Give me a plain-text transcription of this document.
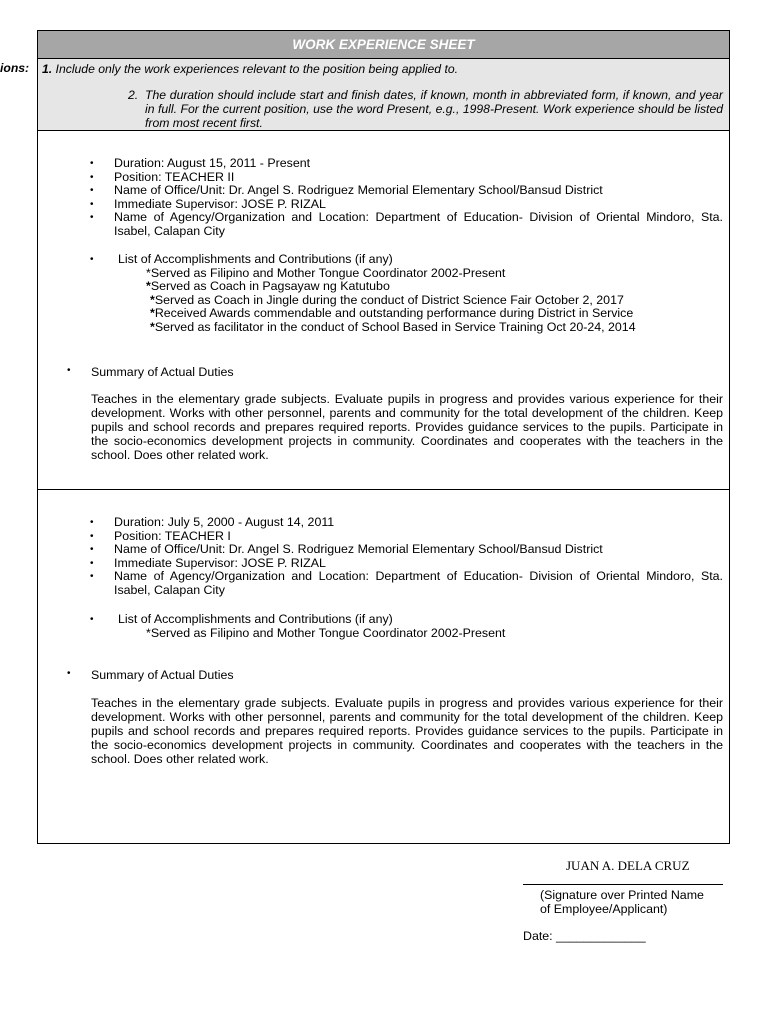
ions:
WORK EXPERIENCE SHEET
1. Include only the work experiences relevant to the position being applied to.
2. The duration should include start and finish dates, if known, month in abbreviated form, if known, and year in full. For the current position, use the word Present, e.g., 1998-Present. Work experience should be listed from most recent first.
• Duration: August 15, 2011 - Present
• Position: TEACHER II
• Name of Office/Unit: Dr. Angel S. Rodriguez Memorial Elementary School/Bansud District
• Immediate Supervisor: JOSE P. RIZAL
• Name of Agency/Organization and Location: Department of Education- Division of Oriental Mindoro, Sta. Isabel, Calapan City
• List of Accomplishments and Contributions (if any)
*Served as Filipino and Mother Tongue Coordinator 2002-Present
*Served as Coach in Pagsayaw ng Katutubo
*Served as Coach in Jingle during the conduct of District Science Fair October 2, 2017
*Received Awards commendable and outstanding performance during District in Service
*Served as facilitator in the conduct of School Based in Service Training Oct 20-24, 2014
• Summary of Actual Duties
Teaches in the elementary grade subjects. Evaluate pupils in progress and provides various experience for their development. Works with other personnel, parents and community for the total development of the children. Keep pupils and school records and prepares required reports. Provides guidance services to the pupils. Participate in the socio-economics development projects in community. Coordinates and cooperates with the teachers in the school. Does other related work.
• Duration: July 5, 2000 - August 14, 2011
• Position: TEACHER I
• Name of Office/Unit: Dr. Angel S. Rodriguez Memorial Elementary School/Bansud District
• Immediate Supervisor: JOSE P. RIZAL
• Name of Agency/Organization and Location: Department of Education- Division of Oriental Mindoro, Sta. Isabel, Calapan City
• List of Accomplishments and Contributions (if any)
*Served as Filipino and Mother Tongue Coordinator 2002-Present
• Summary of Actual Duties
Teaches in the elementary grade subjects. Evaluate pupils in progress and provides various experience for their development. Works with other personnel, parents and community for the total development of the children. Keep pupils and school records and prepares required reports. Provides guidance services to the pupils. Participate in the socio-economics development projects in community. Coordinates and cooperates with the teachers in the school. Does other related work.
JUAN A. DELA CRUZ
(Signature over Printed Name
of Employee/Applicant)
Date: _____________
